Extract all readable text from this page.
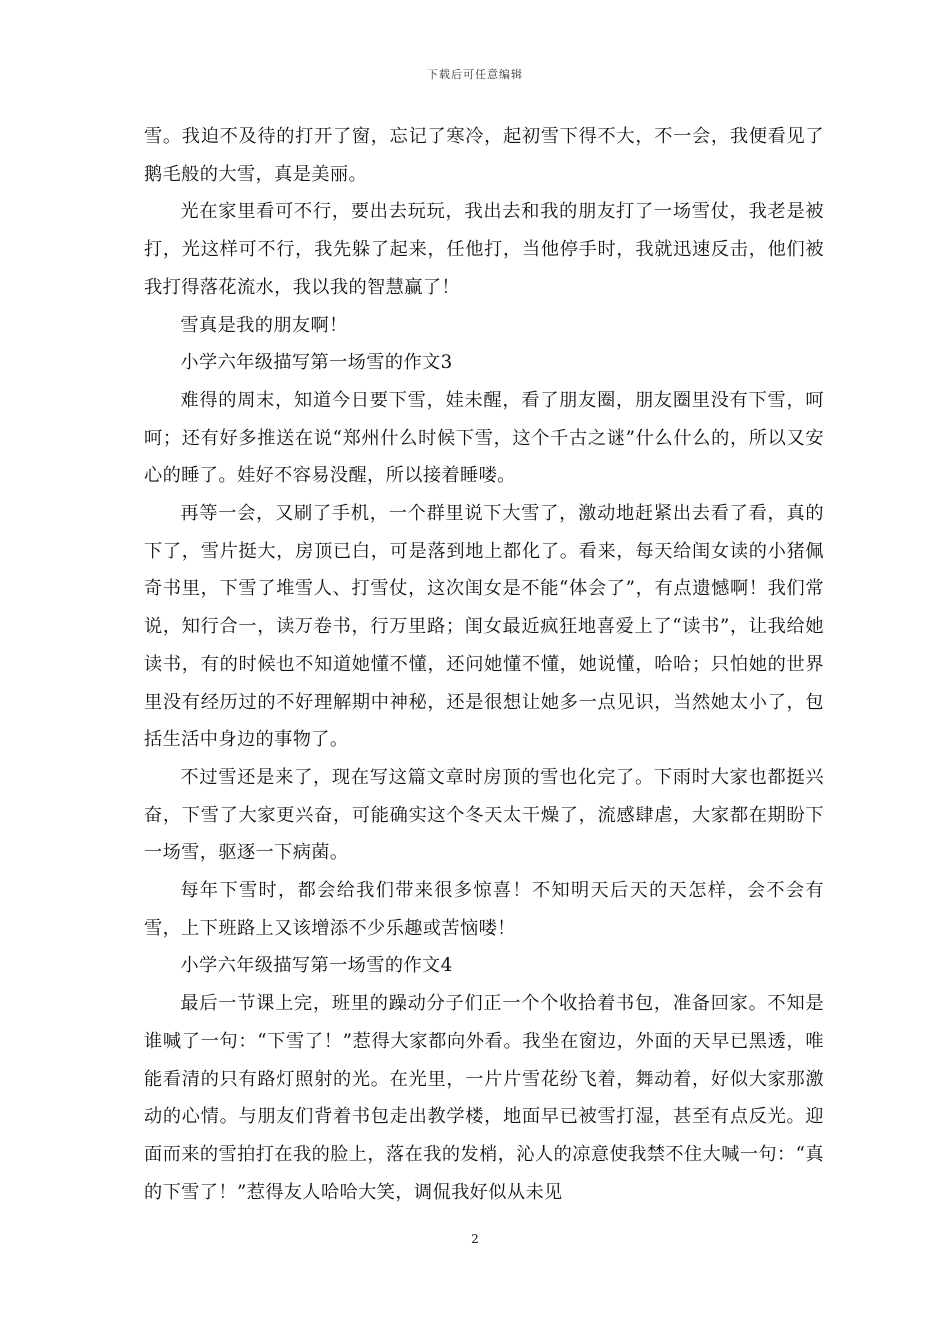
下载后可任意编辑

雪。我迫不及待的打开了窗，忘记了寒冷，起初雪下得不大，不一会，我便看见了鹅毛般的大雪，真是美丽。

光在家里看可不行，要出去玩玩，我出去和我的朋友打了一场雪仗，我老是被打，光这样可不行，我先躲了起来，任他打，当他停手时，我就迅速反击，他们被我打得落花流水，我以我的智慧赢了！

雪真是我的朋友啊！

小学六年级描写第一场雪的作文3

难得的周末，知道今日要下雪，娃未醒，看了朋友圈，朋友圈里没有下雪，呵呵；还有好多推送在说“郑州什么时候下雪，这个千古之谜”什么什么的，所以又安心的睡了。娃好不容易没醒，所以接着睡喽。

再等一会，又刷了手机，一个群里说下大雪了，激动地赶紧出去看了看，真的下了，雪片挺大，房顶已白，可是落到地上都化了。看来，每天给闺女读的小猪佩奇书里，下雪了堆雪人、打雪仗，这次闺女是不能“体会了”，有点遗憾啊！我们常说，知行合一，读万卷书，行万里路；闺女最近疯狂地喜爱上了“读书”，让我给她读书，有的时候也不知道她懂不懂，还问她懂不懂，她说懂，哈哈；只怕她的世界里没有经历过的不好理解期中神秘，还是很想让她多一点见识，当然她太小了，包括生活中身边的事物了。

不过雪还是来了，现在写这篇文章时房顶的雪也化完了。下雨时大家也都挺兴奋，下雪了大家更兴奋，可能确实这个冬天太干燥了，流感肆虐，大家都在期盼下一场雪，驱逐一下病菌。

每年下雪时，都会给我们带来很多惊喜！不知明天后天的天怎样，会不会有雪，上下班路上又该增添不少乐趣或苦恼喽！

小学六年级描写第一场雪的作文4

最后一节课上完，班里的躁动分子们正一个个收拾着书包，准备回家。不知是谁喊了一句：“下雪了！”惹得大家都向外看。我坐在窗边，外面的天早已黑透，唯能看清的只有路灯照射的光。在光里，一片片雪花纷飞着，舞动着，好似大家那激动的心情。与朋友们背着书包走出教学楼，地面早已被雪打湿，甚至有点反光。迎面而来的雪拍打在我的脸上，落在我的发梢，沁人的凉意使我禁不住大喊一句：“真的下雪了！”惹得友人哈哈大笑，调侃我好似从未见

2
